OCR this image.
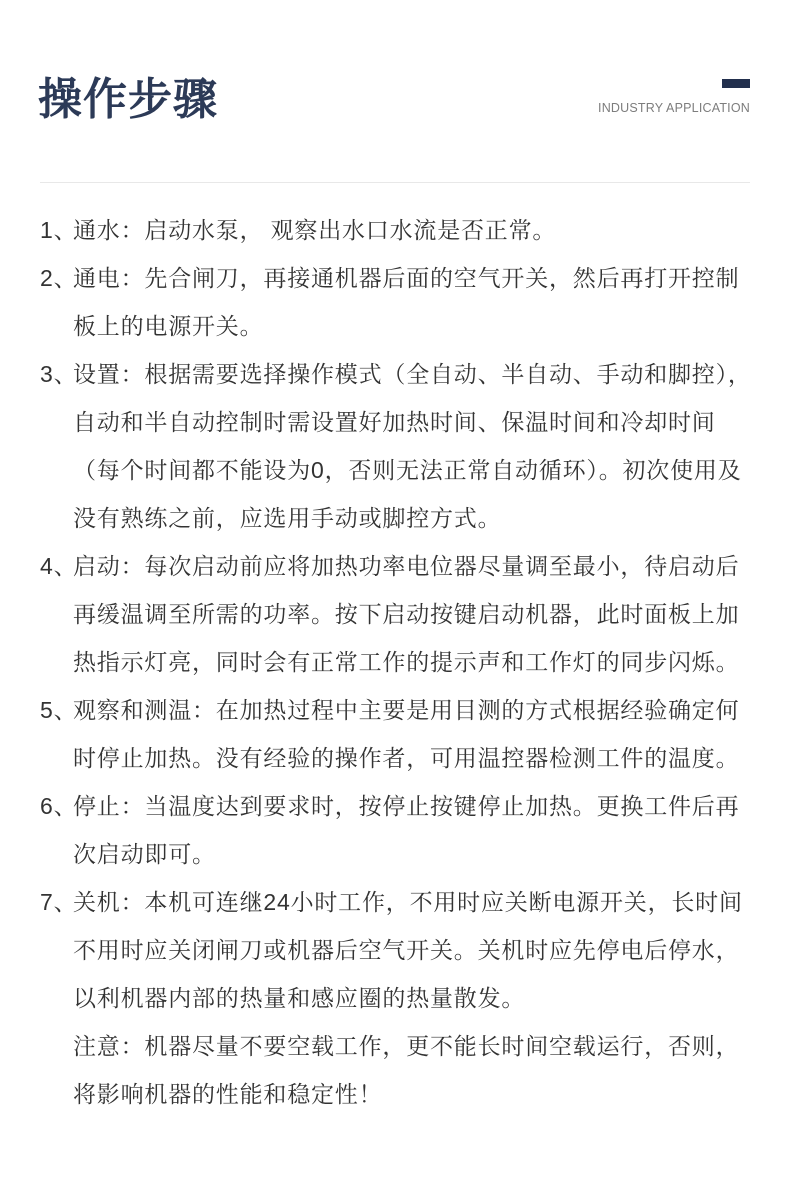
操作步骤	INDUSTRY APPLICATION
1、
通水：启动水泵， 观察出水口水流是否正常。
2、
通电：先合闸刀，再接通机器后面的空气开关，然后再打开控制
板上的电源开关。
3、
设置：根据需要选择操作模式（全自动、半自动、手动和脚控），
自动和半自动控制时需设置好加热时间、保温时间和冷却时间
（每个时间都不能设为0，否则无法正常自动循环）。初次使用及
没有熟练之前，应选用手动或脚控方式。
4、
启动：每次启动前应将加热功率电位器尽量调至最小，待启动后
再缓温调至所需的功率。按下启动按键启动机器，此时面板上加
热指示灯亮，同时会有正常工作的提示声和工作灯的同步闪烁。
5、
观察和测温：在加热过程中主要是用目测的方式根据经验确定何
时停止加热。没有经验的操作者，可用温控器检测工件的温度。
6、
停止：当温度达到要求时，按停止按键停止加热。更换工件后再
次启动即可。
7、
关机：本机可连继24小时工作，不用时应关断电源开关，长时间
不用时应关闭闸刀或机器后空气开关。关机时应先停电后停水，
以利机器内部的热量和感应圈的热量散发。
注意：机器尽量不要空载工作，更不能长时间空载运行，否则，
将影响机器的性能和稳定性！
